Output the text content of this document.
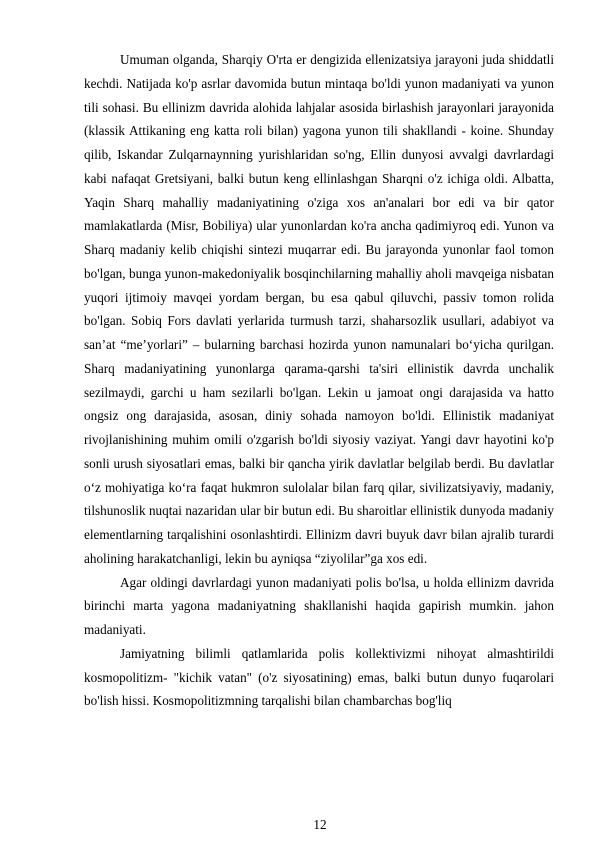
Umuman olganda, Sharqiy O'rta er dengizida ellenizatsiya jarayoni juda shiddatli kechdi. Natijada ko'p asrlar davomida butun mintaqa bo'ldi yunon madaniyati va yunon tili sohasi. Bu ellinizm davrida alohida lahjalar asosida birlashish jarayonlari jarayonida (klassik Attikaning eng katta roli bilan) yagona yunon tili shakllandi - koine. Shunday qilib, Iskandar Zulqarnaynning yurishlaridan so'ng, Ellin dunyosi avvalgi davrlardagi kabi nafaqat Gretsiyani, balki butun keng ellinlashgan Sharqni o'z ichiga oldi. Albatta, Yaqin Sharq mahalliy madaniyatining o'ziga xos an'analari bor edi va bir qator mamlakatlarda (Misr, Bobiliya) ular yunonlardan ko'ra ancha qadimiyroq edi. Yunon va Sharq madaniy kelib chiqishi sintezi muqarrar edi. Bu jarayonda yunonlar faol tomon bo'lgan, bunga yunon-makedoniyalik bosqinchilarning mahalliy aholi mavqeiga nisbatan yuqori ijtimoiy mavqei yordam bergan, bu esa qabul qiluvchi, passiv tomon rolida bo'lgan. Sobiq Fors davlati yerlarida turmush tarzi, shaharsozlik usullari, adabiyot va san’at “me’yorlari” – bularning barchasi hozirda yunon namunalari bo‘yicha qurilgan. Sharq madaniyatining yunonlarga qarama-qarshi ta'siri ellinistik davrda unchalik sezilmaydi, garchi u ham sezilarli bo'lgan. Lekin u jamoat ongi darajasida va hatto ongsiz ong darajasida, asosan, diniy sohada namoyon bo'ldi. Ellinistik madaniyat rivojlanishining muhim omili o'zgarish bo'ldi siyosiy vaziyat. Yangi davr hayotini ko'p sonli urush siyosatlari emas, balki bir qancha yirik davlatlar belgilab berdi. Bu davlatlar o‘z mohiyatiga ko‘ra faqat hukmron sulolalar bilan farq qilar, sivilizatsiyaviy, madaniy, tilshunoslik nuqtai nazaridan ular bir butun edi. Bu sharoitlar ellinistik dunyoda madaniy elementlarning tarqalishini osonlashtirdi. Ellinizm davri buyuk davr bilan ajralib turardi aholining harakatchanligi, lekin bu ayniqsa “ziyolilar”ga xos edi.

Agar oldingi davrlardagi yunon madaniyati polis bo'lsa, u holda ellinizm davrida birinchi marta yagona madaniyatning shakllanishi haqida gapirish mumkin. jahon madaniyati.

Jamiyatning bilimli qatlamlarida polis kollektivizmi nihoyat almashtirildi kosmopolitizm- "kichik vatan" (o'z siyosatining) emas, balki butun dunyo fuqarolari bo'lish hissi. Kosmopolitizmning tarqalishi bilan chambarchas bog'liq

12
